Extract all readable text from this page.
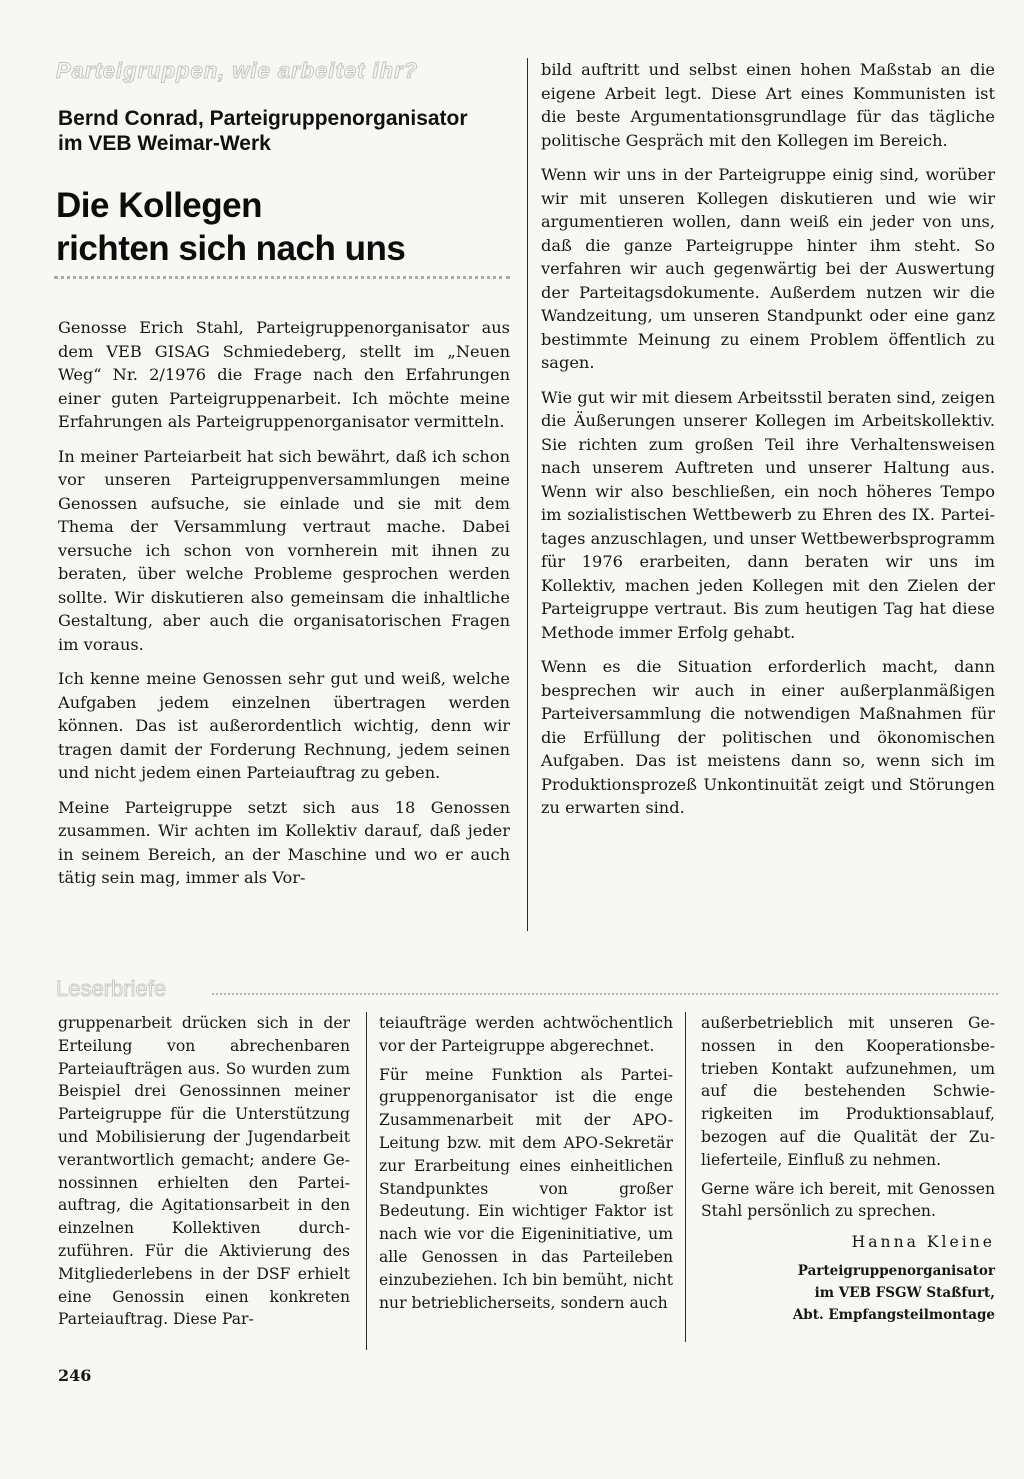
Parteigruppen, wie arbeitet ihr?

Bernd Conrad, Parteigruppenorganisator
im VEB Weimar-Werk
Die Kollegen
richten sich nach uns

Genosse Erich Stahl, Parteigruppenorganisator aus dem VEB GISAG Schmiedeberg, stellt im „Neuen Weg“ Nr. 2/1976 die Frage nach den Erfahrungen einer guten Parteigruppenarbeit. Ich möchte meine Erfahrungen als Parteigruppenorganisator vermitteln.

In meiner Parteiarbeit hat sich bewährt, daß ich schon vor unseren Parteigruppenversammlungen meine Genossen aufsuche, sie einlade und sie mit dem Thema der Versammlung vertraut mache. Dabei versuche ich schon von vornherein mit ihnen zu beraten, über welche Probleme gesprochen werden sollte. Wir diskutieren also gemeinsam die inhaltliche Gestaltung, aber auch die organisatorischen Fragen im voraus.

Ich kenne meine Genossen sehr gut und weiß, welche Aufgaben jedem einzelnen übertragen werden können. Das ist außerordentlich wichtig, denn wir tragen damit der Forderung Rechnung, jedem seinen und nicht jedem einen Parteiauftrag zu geben.

Meine Parteigruppe setzt sich aus 18 Genossen zusammen. Wir achten im Kollektiv darauf, daß jeder in seinem Bereich, an der Maschine und wo er auch tätig sein mag, immer als Vor-

bild auftritt und selbst einen hohen Maßstab an die eigene Arbeit legt. Diese Art eines Kommunisten ist die beste Argumentationsgrundlage für das tägliche politische Gespräch mit den Kollegen im Bereich.

Wenn wir uns in der Parteigruppe einig sind, worüber wir mit unseren Kollegen diskutieren und wie wir argumentieren wollen, dann weiß ein jeder von uns, daß die ganze Parteigruppe hinter ihm steht. So verfahren wir auch gegenwärtig bei der Auswertung der Parteitagsdokumente. Außerdem nutzen wir die Wandzeitung, um unseren Standpunkt oder eine ganz bestimmte Meinung zu einem Problem öffentlich zu sagen.

Wie gut wir mit diesem Arbeitsstil beraten sind, zeigen die Äußerungen unserer Kollegen im Arbeitskollektiv. Sie richten zum großen Teil ihre Verhaltensweisen nach unserem Auftreten und unserer Haltung aus. Wenn wir also beschließen, ein noch höheres Tempo im sozialistischen Wettbewerb zu Ehren des IX. Parteitages anzuschlagen, und unser Wettbewerbsprogramm für 1976 erarbeiten, dann beraten wir uns im Kollektiv, machen jeden Kollegen mit den Zielen der Parteigruppe vertraut. Bis zum heutigen Tag hat diese Methode immer Erfolg gehabt.

Wenn es die Situation erforderlich macht, dann besprechen wir auch in einer außerplanmäßigen Parteiversammlung die notwendigen Maßnahmen für die Erfüllung der politischen und ökonomischen Aufgaben. Das ist meistens dann so, wenn sich im Produktionsprozeß Unkontinuität zeigt und Störungen zu erwarten sind.

Leserbriefe

gruppenarbeit drücken sich in der Erteilung von abrechenbaren Parteiaufträgen aus. So wurden zum Beispiel drei Genossinnen meiner Parteigruppe für die Unterstützung und Mobilisierung der Jugendarbeit verantwortlich gemacht; andere Genossinnen erhielten den Parteiauftrag, die Agitationsarbeit in den einzelnen Kollektiven durchzuführen. Für die Aktivierung des Mitgliederlebens in der DSF erhielt eine Genossin einen konkreten Parteiauftrag. Diese Par-

teiaufträge werden achtwöchentlich vor der Parteigruppe abgerechnet.

Für meine Funktion als Parteigruppenorganisator ist die enge Zusammenarbeit mit der APO-Leitung bzw. mit dem APO-Sekretär zur Erarbeitung eines einheitlichen Standpunktes von großer Bedeutung. Ein wichtiger Faktor ist nach wie vor die Eigeninitiative, um alle Genossen in das Parteileben einzubeziehen. Ich bin bemüht, nicht nur betrieblicherseits, sondern auch

außerbetrieblich mit unseren Genossen in den Kooperationsbetrieben Kontakt aufzunehmen, um auf die bestehenden Schwierigkeiten im Produktionsablauf, bezogen auf die Qualität der Zulieferteile, Einfluß zu nehmen.

Gerne wäre ich bereit, mit Genossen Stahl persönlich zu sprechen.

Hanna Kleine
Parteigruppenorganisator
im VEB FSGW Staßfurt,
Abt. Empfangsteilmontage

246
